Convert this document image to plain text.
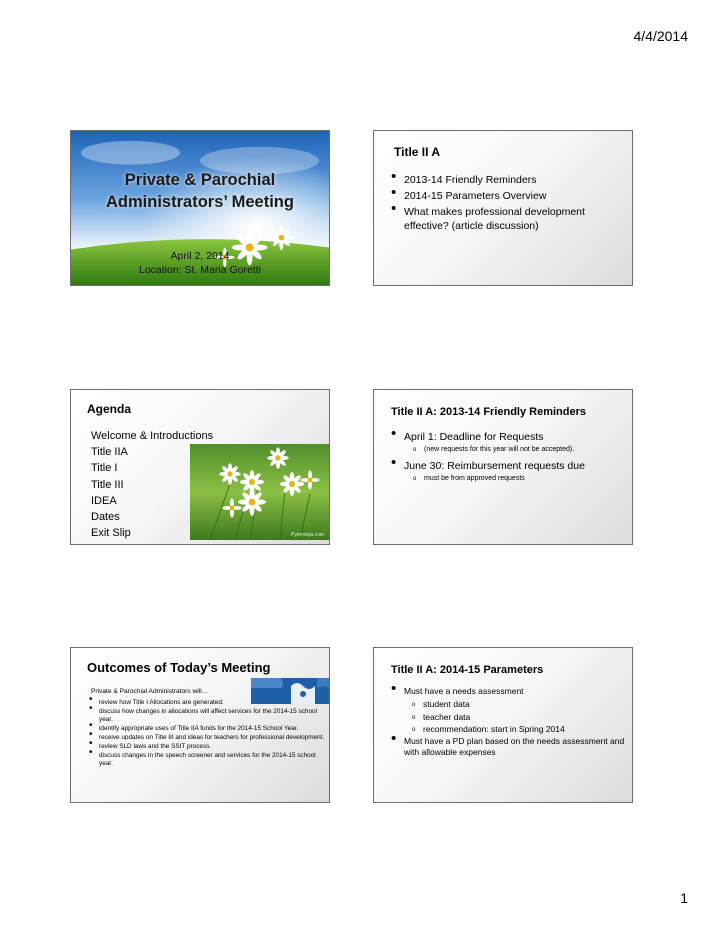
4/4/2014
Private & Parochial
Administrators’ Meeting
April 2, 2014
Location: St. Maria Goretti
Title II A
• 2013-14 Friendly Reminders
• 2014-15 Parameters Overview
• What makes professional development effective? (article discussion)
Agenda
Welcome & Introductions
Title IIA
Title I
Title III
IDEA
Dates
Exit Slip	Pyemonju.com
Title II A: 2013-14 Friendly Reminders
• April 1: Deadline for Requests
o (new requests for this year will not be accepted).
• June 30: Reimbursement requests due
o must be from approved requests
Outcomes of Today’s Meeting
Private & Parochial Administrators will…
• review how Title I Allocations are generated.
• discuss how changes in allocations will affect services for the 2014-15 school year.
• identify appropriate uses of Title IIA funds for the 2014-15 School Year.
• receive updates on Title III and ideas for teachers for professional development.
• review SLD laws and the SSIT process.
• discuss changes in the speech screener and services for the 2014-15 school year.
Title II A: 2014-15 Parameters
• Must have a needs assessment
o student data
o teacher data
o recommendation: start in Spring 2014
• Must have a PD plan based on the needs assessment and with allowable expenses
1
